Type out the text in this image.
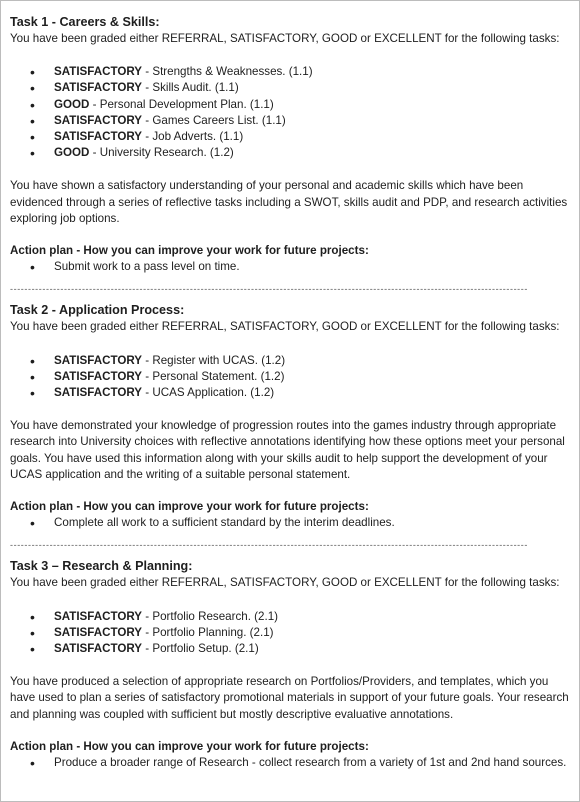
Task 1 - Careers & Skills:
You have been graded either REFERRAL, SATISFACTORY, GOOD or EXCELLENT for the following tasks:
• SATISFACTORY - Strengths & Weaknesses. (1.1)
• SATISFACTORY - Skills Audit. (1.1)
• GOOD - Personal Development Plan. (1.1)
• SATISFACTORY - Games Careers List. (1.1)
• SATISFACTORY - Job Adverts. (1.1)
• GOOD - University Research. (1.2)
You have shown a satisfactory understanding of your personal and academic skills which have been evidenced through a series of reflective tasks including a SWOT, skills audit and PDP, and research activities exploring job options.
Action plan - How you can improve your work for future projects:
• Submit work to a pass level on time.
------------------------------------------------------------------------------------------------------------------------------------------------
Task 2 - Application Process:
You have been graded either REFERRAL, SATISFACTORY, GOOD or EXCELLENT for the following tasks:
• SATISFACTORY - Register with UCAS. (1.2)
• SATISFACTORY - Personal Statement. (1.2)
• SATISFACTORY - UCAS Application. (1.2)
You have demonstrated your knowledge of progression routes into the games industry through appropriate research into University choices with reflective annotations identifying how these options meet your personal goals. You have used this information along with your skills audit to help support the development of your UCAS application and the writing of a suitable personal statement.
Action plan - How you can improve your work for future projects:
• Complete all work to a sufficient standard by the interim deadlines.
------------------------------------------------------------------------------------------------------------------------------------------------
Task 3 – Research & Planning:
You have been graded either REFERRAL, SATISFACTORY, GOOD or EXCELLENT for the following tasks:
• SATISFACTORY - Portfolio Research. (2.1)
• SATISFACTORY - Portfolio Planning. (2.1)
• SATISFACTORY - Portfolio Setup. (2.1)
You have produced a selection of appropriate research on Portfolios/Providers, and templates, which you have used to plan a series of satisfactory promotional materials in support of your future goals. Your research and planning was coupled with sufficient but mostly descriptive evaluative annotations.
Action plan - How you can improve your work for future projects:
• Produce a broader range of Research - collect research from a variety of 1st and 2nd hand sources.
